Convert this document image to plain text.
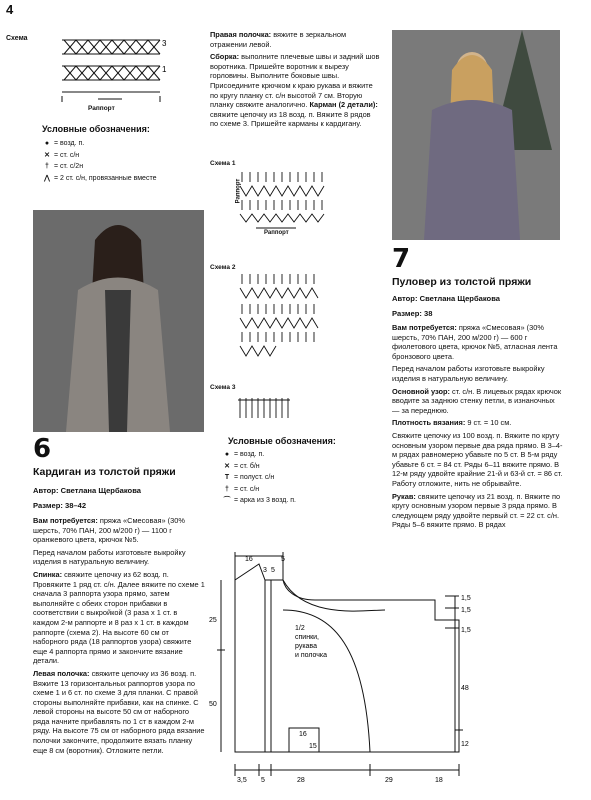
4
Схема
3
1
Раппорт
Условные обозначения:
● = возд. п.
✕ = ст. с/н
† = ст. с/2н
⋀ = 2 ст. с/н, провязанные вместе
6
Кардиган из толстой пряжи
Автор: Светлана Щербакова
Размер: 38–42

Вам потребуется: пряжа «Смесовая» (30% шерсть, 70% ПАН, 200 м/200 г) — 1100 г оранжевого цвета, крючок №5.

Перед началом работы изготовьте выкройку изделия в натуральную величину.

Спинка: свяжите цепочку из 62 возд. п. Провяжите 1 ряд ст. с/н. Далее вяжите по схеме 1 сначала 3 раппорта узора прямо, затем выполняйте с обеих сторон прибавки в соответствии с выкройкой (3 раза х 1 ст. в каждом 2-м раппорте и 8 раз х 1 ст. в каждом раппорте (схема 2). На высоте 60 см от наборного ряда (18 раппортов узора) свяжите еще 4 раппорта прямо и закончите вязание детали.

Левая полочка: свяжите цепочку из 36 возд. п. Вяжите 13 горизонтальных раппортов узора по схеме 1 и 6 ст. по схеме 3 для планки. С правой стороны выполняйте прибавки, как на спинке. С левой стороны на высоте 50 см от наборного ряда начните прибавлять по 1 ст в каждом 2-м ряду. На высоте 75 см от наборного ряда вязание полочки закончите, продолжите вязать планку еще 8 см (воротник). Отложите петли.

Правая полочка: вяжите в зеркальном отражении левой.

Сборка: выполните плечевые швы и задний шов воротника. Пришейте воротник к вырезу горловины. Выполните боковые швы. Присоедините крючком к краю рукава и вяжите по кругу планку ст. с/н высотой 7 см. Вторую планку свяжите аналогично. Карман (2 детали): свяжите цепочку из 18 возд. п. Вяжите 8 рядов по схеме 3. Пришейте карманы к кардигану.

Схема 1
Раппорт
Раппорт
Схема 2
Схема 3
Условные обозначения:
● = возд. п.
✕ = ст. б/н
T = полуст. с/н
† = ст. с/н
⌒ = арка из 3 возд. п.
7
Пуловер из толстой пряжи
Автор: Светлана Щербакова
Размер: 38

Вам потребуется: пряжа «Смесовая» (30% шерсть, 70% ПАН, 200 м/200 г) — 600 г фиолетового цвета, крючок №5, атласная лента бронзового цвета.

Перед началом работы изготовьте выкройку изделия в натуральную величину.

Основной узор: ст. с/н. В лицевых рядах крючок вводите за заднюю стенку петли, в изнаночных — за переднюю.

Плотность вязания: 9 ст. = 10 см.

Свяжите цепочку из 100 возд. п. Вяжите по кругу основным узором первые два ряда прямо. В 3–4-м рядах равномерно убавьте по 5 ст. В 5-м ряду убавьте 6 ст. = 84 ст. Ряды 6–11 вяжите прямо. В 12-м ряду удвойте крайние 21-й и 63-й ст. = 86 ст. Работу отложите, нить не обрывайте.

Рукав: свяжите цепочку из 21 возд. п. Вяжите по кругу основным узором первые 3 ряда прямо. В следующем ряду удвойте первый ст. = 22 ст. с/н. Ряды 5–6 вяжите прямо. В рядах

16
3 5
5
1,5
1,5
1,5
48
12
25
50
3,5 5	28	29	18
16
15
1/2
спинки,
рукава
и полочка
